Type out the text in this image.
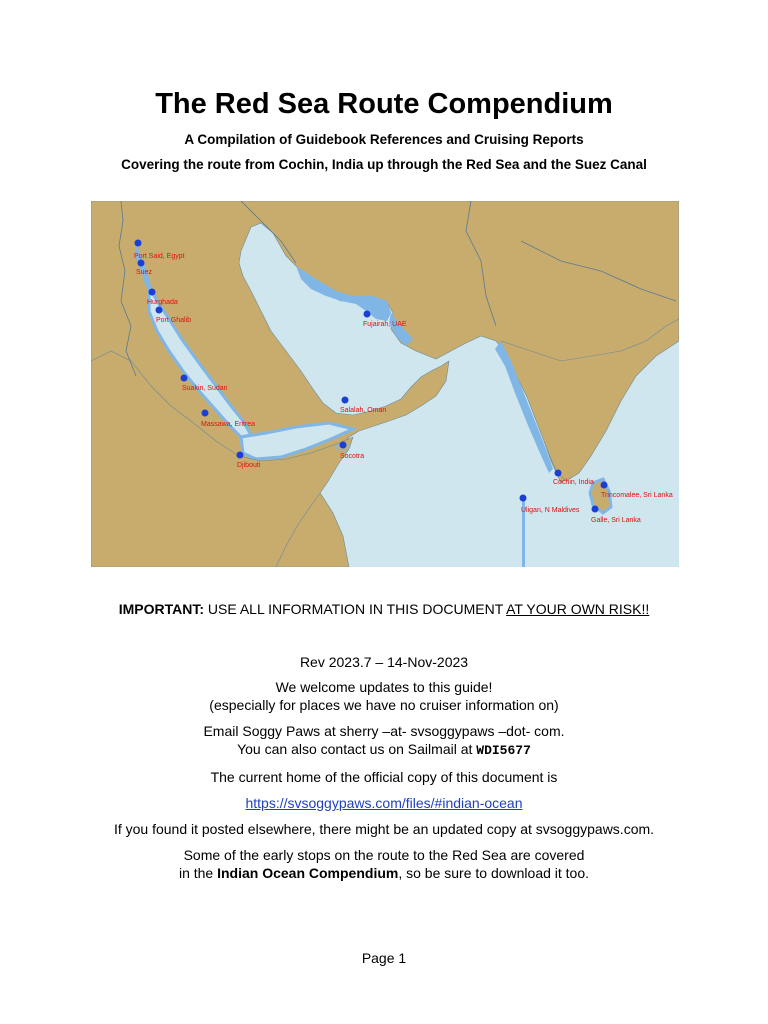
The Red Sea Route Compendium
A Compilation of Guidebook References and Cruising Reports
Covering the route from Cochin, India up through the Red Sea and the Suez Canal
Port Said, Egypt
Suez
Hurghada
Port Ghalib
Suakin, Sudan
Massawa, Eritrea
Djibouti
Socotra
Salalah, Oman
Fujairah, UAE
Cochin, India
Trincomalee, Sri Lanka
Galle, Sri Lanka
Uligan, N Maldives
IMPORTANT: USE ALL INFORMATION IN THIS DOCUMENT AT YOUR OWN RISK!!
Rev 2023.7 – 14-Nov-2023
We welcome updates to this guide!
(especially for places we have no cruiser information on)
Email Soggy Paws at sherry –at- svsoggypaws –dot- com.
You can also contact us on Sailmail at WDI5677
The current home of the official copy of this document is
https://svsoggypaws.com/files/#indian-ocean
If you found it posted elsewhere, there might be an updated copy at svsoggypaws.com.
Some of the early stops on the route to the Red Sea are covered
in the Indian Ocean Compendium, so be sure to download it too.
Page 1
